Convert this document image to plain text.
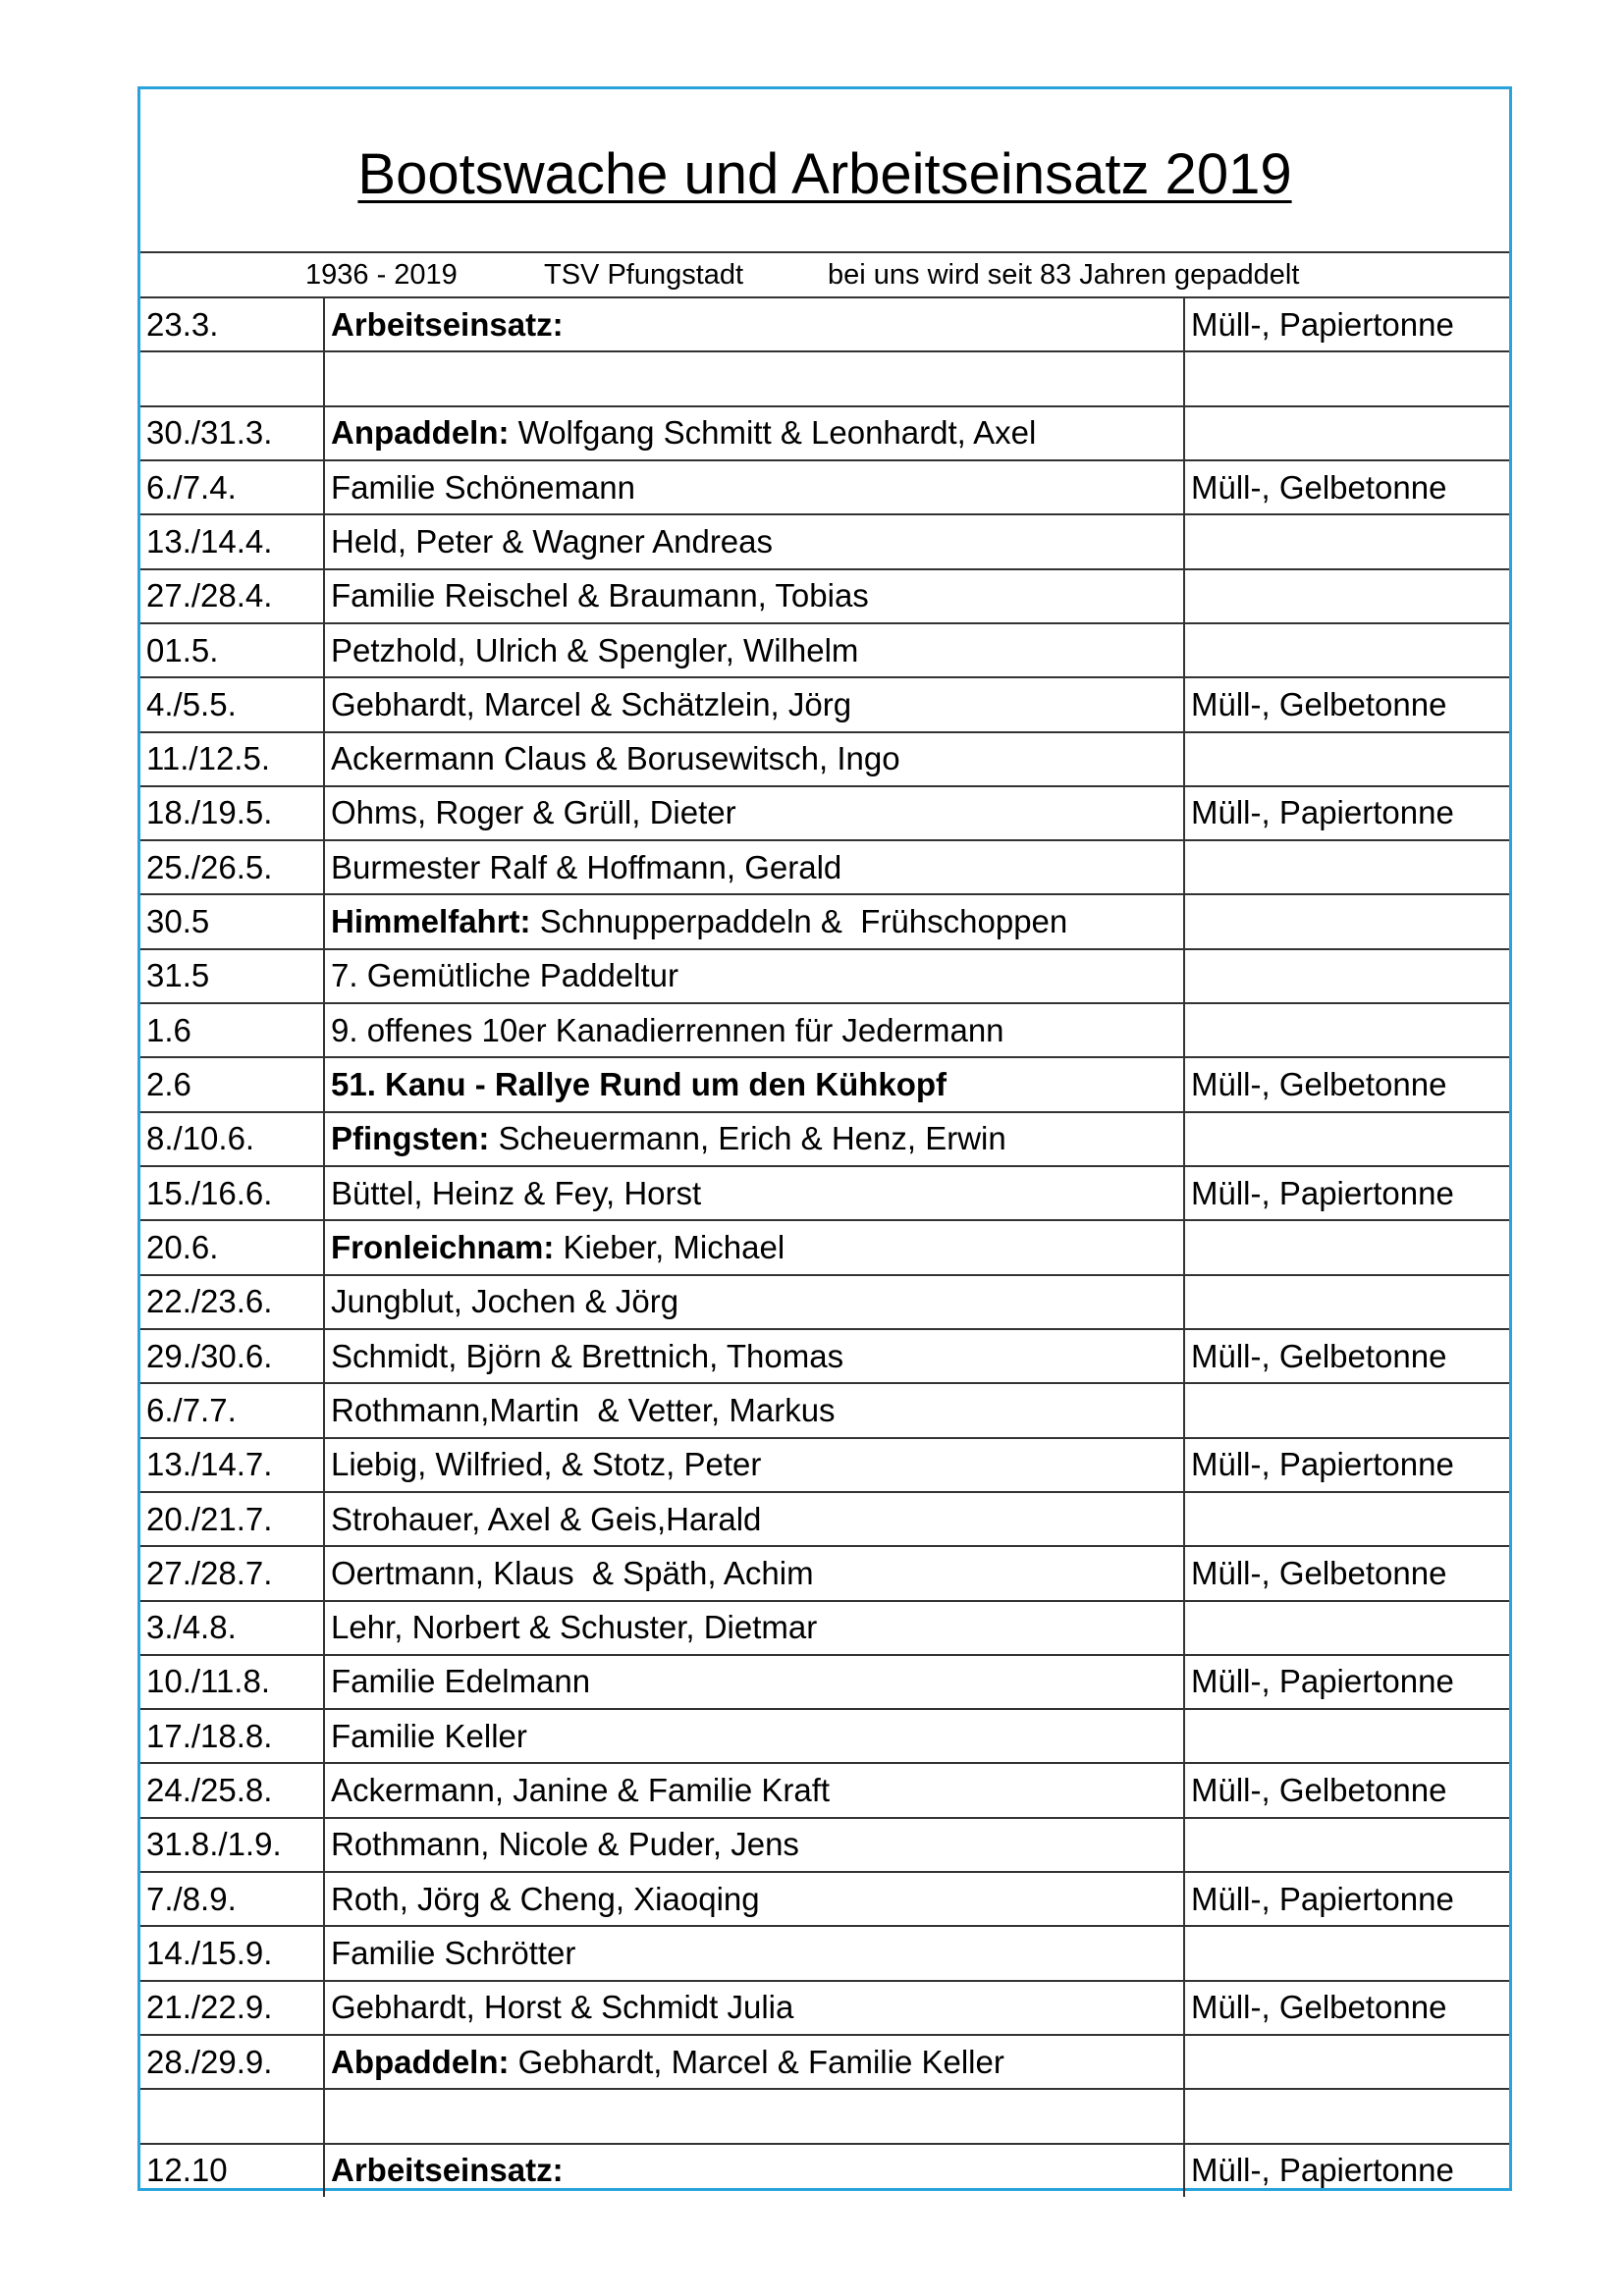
Bootswache und Arbeitseinsatz 2019
1936 - 2019	TSV Pfungstadt	bei uns wird seit 83 Jahren gepaddelt
23.3.	Arbeitseinsatz:	Müll-, Papiertonne
30./31.3.	Anpaddeln: Wolfgang Schmitt & Leonhardt, Axel
6./7.4.	Familie Schönemann	Müll-, Gelbetonne
13./14.4.	Held, Peter & Wagner Andreas
27./28.4.	Familie Reischel & Braumann, Tobias
01.5.	Petzhold, Ulrich & Spengler, Wilhelm
4./5.5.	Gebhardt, Marcel & Schätzlein, Jörg	Müll-, Gelbetonne
11./12.5.	Ackermann Claus & Borusewitsch, Ingo
18./19.5.	Ohms, Roger & Grüll, Dieter	Müll-, Papiertonne
25./26.5.	Burmester Ralf & Hoffmann, Gerald
30.5	Himmelfahrt: Schnupperpaddeln &  Frühschoppen
31.5	7. Gemütliche Paddeltur
1.6	9. offenes 10er Kanadierrennen für Jedermann
2.6	51. Kanu - Rallye Rund um den Kühkopf	Müll-, Gelbetonne
8./10.6.	Pfingsten: Scheuermann, Erich & Henz, Erwin
15./16.6.	Büttel, Heinz & Fey, Horst	Müll-, Papiertonne
20.6.	Fronleichnam: Kieber, Michael
22./23.6.	Jungblut, Jochen & Jörg
29./30.6.	Schmidt, Björn & Brettnich, Thomas	Müll-, Gelbetonne
6./7.7.	Rothmann,Martin  & Vetter, Markus
13./14.7.	Liebig, Wilfried, & Stotz, Peter	Müll-, Papiertonne
20./21.7.	Strohauer, Axel & Geis,Harald
27./28.7.	Oertmann, Klaus  & Späth, Achim	Müll-, Gelbetonne
3./4.8.	Lehr, Norbert & Schuster, Dietmar
10./11.8.	Familie Edelmann	Müll-, Papiertonne
17./18.8.	Familie Keller
24./25.8.	Ackermann, Janine & Familie Kraft	Müll-, Gelbetonne
31.8./1.9.	Rothmann, Nicole & Puder, Jens
7./8.9.	Roth, Jörg & Cheng, Xiaoqing	Müll-, Papiertonne
14./15.9.	Familie Schrötter
21./22.9.	Gebhardt, Horst & Schmidt Julia	Müll-, Gelbetonne
28./29.9.	Abpaddeln: Gebhardt, Marcel & Familie Keller
12.10	Arbeitseinsatz:	Müll-, Papiertonne
